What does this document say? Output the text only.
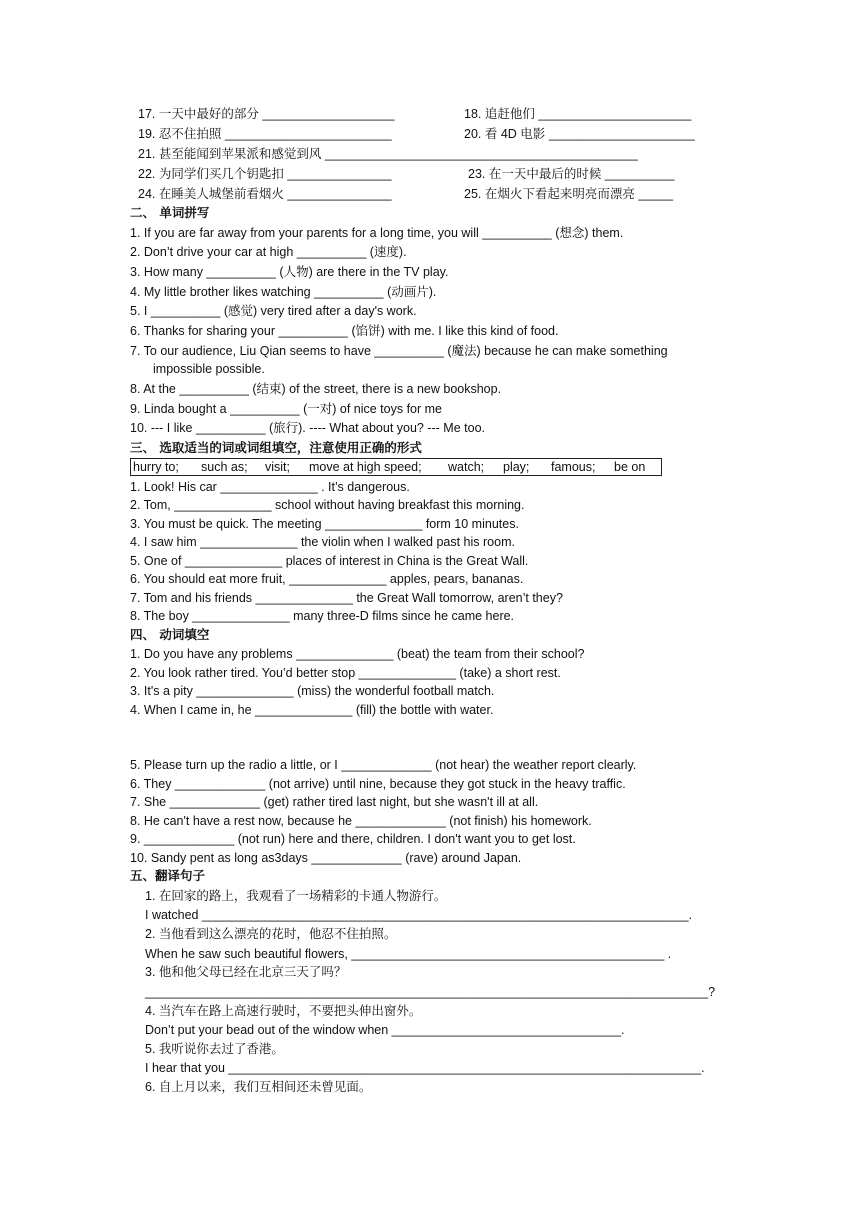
17. 一天中最好的部分 ___________________	18. 追赶他们 ______________________
19. 忍不住拍照 ________________________	20. 看 4D 电影 _____________________
21. 甚至能闻到苹果派和感觉到风 _____________________________________________
22. 为同学们买几个钥匙扣 _______________	23. 在一天中最后的时候 __________
24. 在睡美人城堡前看烟火 _______________	25. 在烟火下看起来明亮而漂亮 _____
二、 单词拼写
1. If you are far away from your parents for a long time, you will __________ (想念) them.
2. Don’t drive your car at high __________ (速度).
3. How many __________ (人物) are there in the TV play.
4. My little brother likes watching __________ (动画片).
5. I __________ (感觉) very tired after a day's work.
6. Thanks for sharing your __________ (馅饼) with me. I like this kind of food.
7. To our audience, Liu Qian seems to have __________ (魔法) because he can make something
impossible possible.
8. At the __________ (结束) of the street, there is a new bookshop.
9. Linda bought a __________ (一对) of nice toys for me
10. --- I like __________ (旅行). ---- What about you? --- Me too.
三、 选取适当的词或词组填空，注意使用正确的形式
hurry to; such as; visit; move at high speed; watch; play; famous; be on
1. Look! His car ______________ . It’s dangerous.
2. Tom, ______________ school without having breakfast this morning.
3. You must be quick. The meeting ______________ form 10 minutes.
4. I saw him ______________ the violin when I walked past his room.
5. One of ______________ places of interest in China is the Great Wall.
6. You should eat more fruit, ______________ apples, pears, bananas.
7. Tom and his friends ______________ the Great Wall tomorrow, aren’t they?
8. The boy ______________ many three-D films since he came here.
四、 动词填空
1. Do you have any problems ______________ (beat) the team from their school?
2. You look rather tired. You’d better stop ______________ (take) a short rest.
3. It's a pity ______________ (miss) the wonderful football match.
4. When I came in, he ______________ (fill) the bottle with water.
5. Please turn up the radio a little, or I _____________ (not hear) the weather report clearly.
6. They _____________ (not arrive) until nine, because they got stuck in the heavy traffic.
7. She _____________ (get) rather tired last night, but she wasn't ill at all.
8. He can't have a rest now, because he _____________ (not finish) his homework.
9. _____________ (not run) here and there, children. I don't want you to get lost.
10. Sandy pent as long as3days _____________ (rave) around Japan.
五、翻译句子
1. 在回家的路上，我观看了一场精彩的卡通人物游行。
I watched ______________________________________________________________________.
2. 当他看到这么漂亮的花时，他忍不住拍照。
When he saw such beautiful flowers, _____________________________________________ .
3. 他和他父母已经在北京三天了吗？
_________________________________________________________________________________?
4. 当汽车在路上高速行驶时，不要把头伸出窗外。
Don’t put your bead out of the window when _________________________________.
5. 我听说你去过了香港。
I hear that you ____________________________________________________________________.
6. 自上月以来，我们互相间还未曾见面。
